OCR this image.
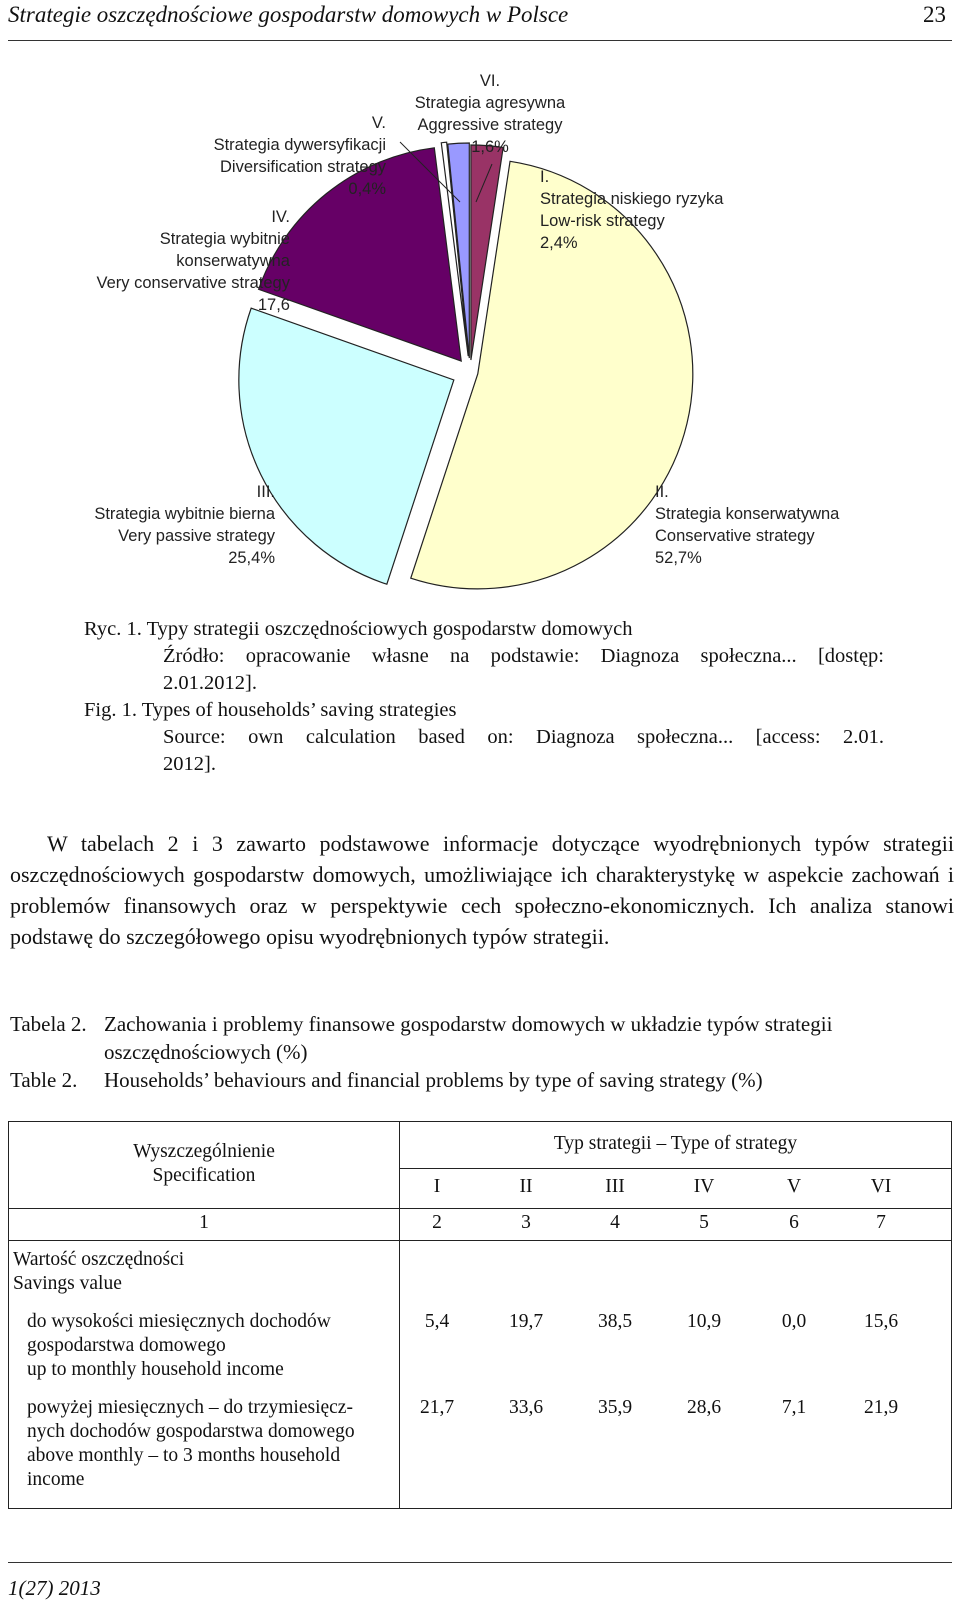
Strategie oszczędnościowe gospodarstw domowych w Polsce	23
I. Strategia niskiego ryzyka Low-risk strategy 2,4%
II. Strategia konserwatywna Conservative strategy 52,7%
III. Strategia wybitnie bierna Very passive strategy 25,4%
IV. Strategia wybitnie konserwatywna Very conservative strategy 17,6
V. Strategia dywersyfikacji Diversification strategy 0,4%
VI. Strategia agresywna Aggressive strategy 1,6%
Ryc. 1. Typy strategii oszczędnościowych gospodarstw domowych
Źródło: opracowanie własne na podstawie: Diagnoza społeczna... [dostęp:
2.01.2012].
Fig. 1. Types of households’ saving strategies
Source: own calculation based on: Diagnoza społeczna... [access: 2.01.
2012].
W tabelach 2 i 3 zawarto podstawowe informacje dotyczące wyodrębnionych typów strategii oszczędnościowych gospodarstw domowych, umożliwiające ich charakterystykę w aspekcie zachowań i problemów finansowych oraz w perspektywie cech społeczno-ekonomicznych. Ich analiza stanowi podstawę do szczegółowego opisu wyodrębnionych typów strategii.
Tabela 2. Zachowania i problemy finansowe gospodarstw domowych w układzie typów strategii oszczędnościowych (%)
Table 2.	Households’ behaviours and financial problems by type of saving strategy (%)
Wyszczególnienie
Specification
Typ strategii – Type of strategy
I	II	III	IV	V	VI
1	2	3	4	5	6	7
Wartość oszczędności
Savings value
do wysokości miesięcznych dochodów
gospodarstwa domowego
up to monthly household income
5,4	19,7	38,5	10,9	0,0	15,6
powyżej miesięcznych – do trzymiesięcz-
nych dochodów gospodarstwa domowego
above monthly – to 3 months household
income
21,7	33,6	35,9	28,6	7,1	21,9
1(27) 2013
